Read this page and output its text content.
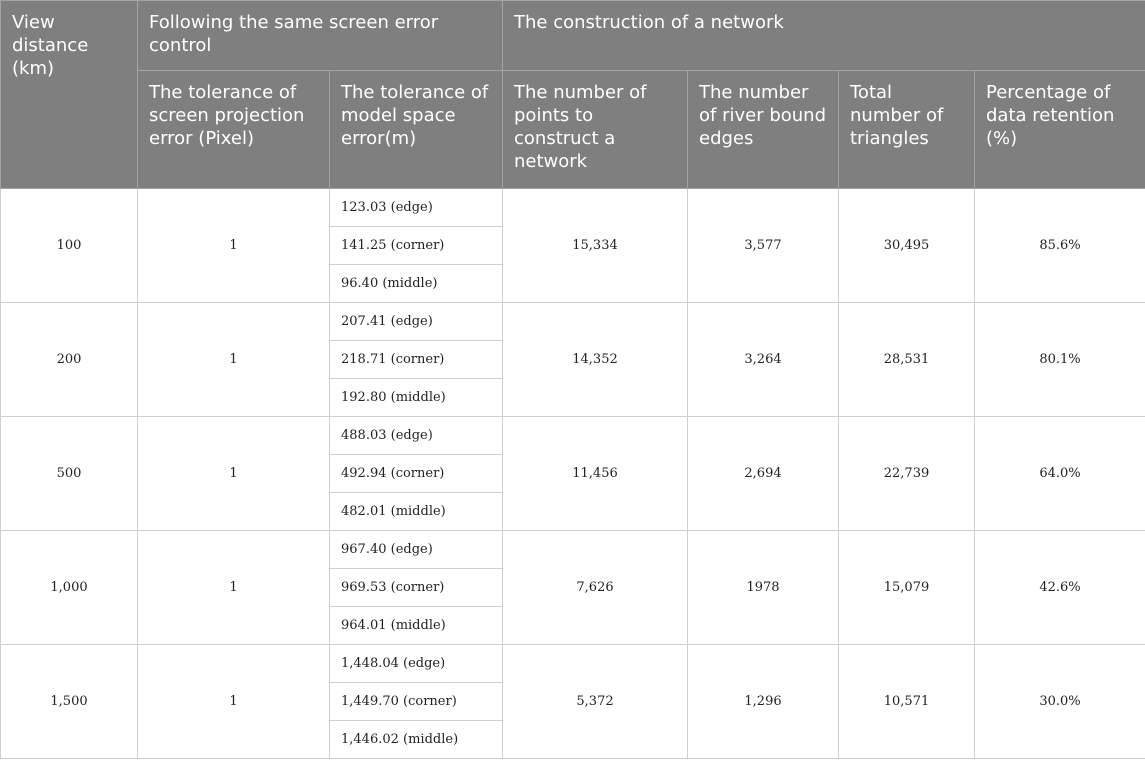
View distance (km)	Following the same screen error control		The construction of a network			
	The tolerance of screen projection error (Pixel)	The tolerance of model space error(m)	The number of points to construct a network	The number of river bound edges	Total number of triangles	Percentage of data retention (%)
100	1	123.03 (edge)	15,334	3,577	30,495	85.6%
		141.25 (corner)				
		96.40 (middle)				
200	1	207.41 (edge)	14,352	3,264	28,531	80.1%
		218.71 (corner)				
		192.80 (middle)				
500	1	488.03 (edge)	11,456	2,694	22,739	64.0%
		492.94 (corner)				
		482.01 (middle)				
1,000	1	967.40 (edge)	7,626	1978	15,079	42.6%
		969.53 (corner)				
		964.01 (middle)				
1,500	1	1,448.04 (edge)	5,372	1,296	10,571	30.0%
		1,449.70 (corner)				
		1,446.02 (middle)				
